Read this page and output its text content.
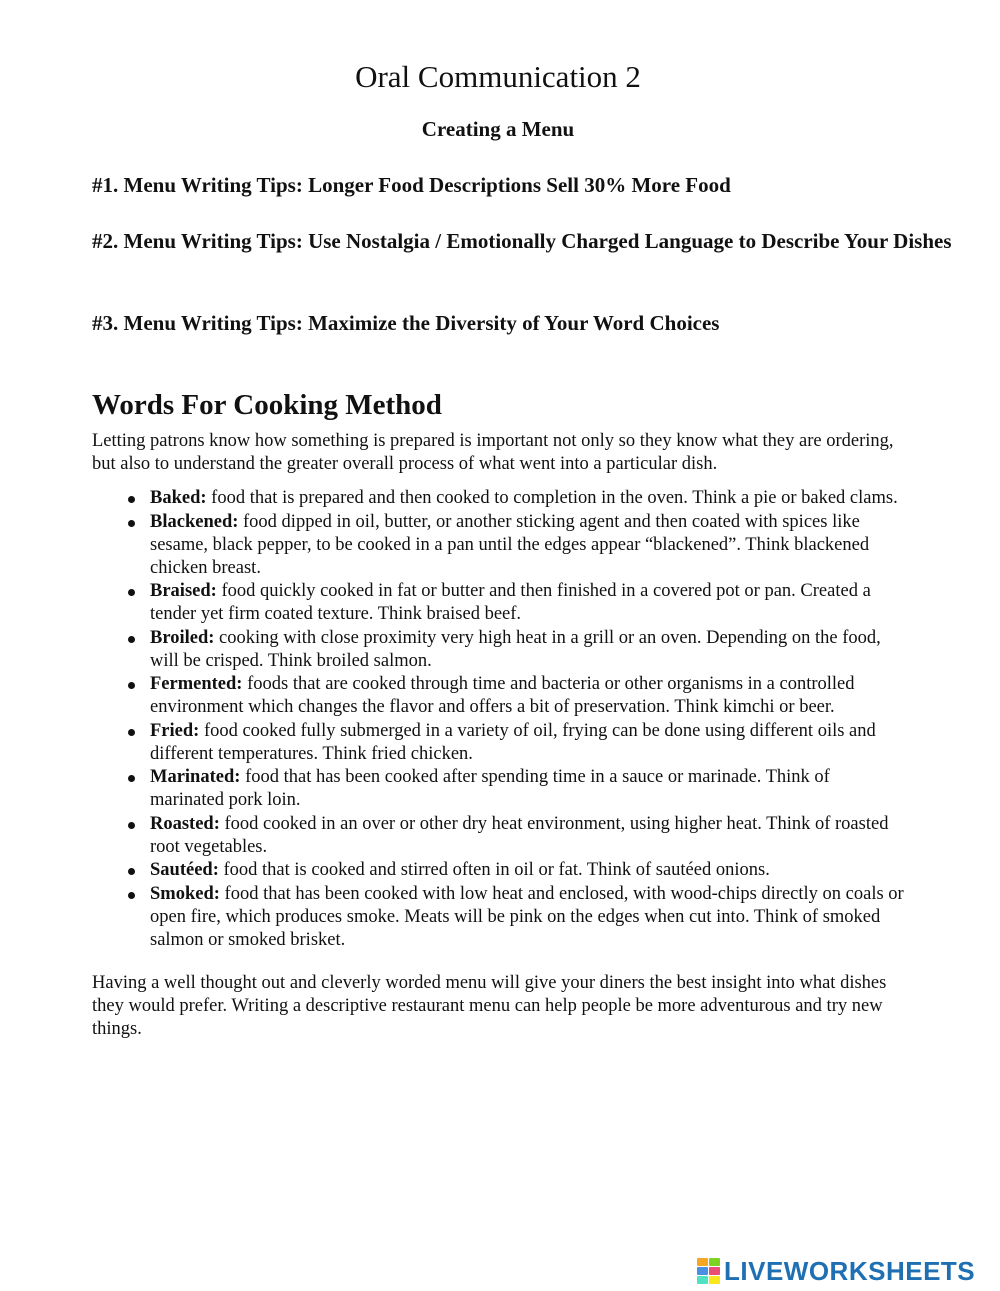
Oral Communication 2
Creating a Menu

#1. Menu Writing Tips: Longer Food Descriptions Sell 30% More Food

#2. Menu Writing Tips: Use Nostalgia / Emotionally Charged Language to Describe Your Dishes

#3. Menu Writing Tips: Maximize the Diversity of Your Word Choices

Words For Cooking Method

Letting patrons know how something is prepared is important not only so they know what they are ordering, but also to understand the greater overall process of what went into a particular dish.

Baked: food that is prepared and then cooked to completion in the oven. Think a pie or baked clams.
Blackened: food dipped in oil, butter, or another sticking agent and then coated with spices like sesame, black pepper, to be cooked in a pan until the edges appear “blackened”. Think blackened chicken breast.
Braised: food quickly cooked in fat or butter and then finished in a covered pot or pan. Created a tender yet firm coated texture. Think braised beef.
Broiled: cooking with close proximity very high heat in a grill or an oven. Depending on the food, will be crisped. Think broiled salmon.
Fermented: foods that are cooked through time and bacteria or other organisms in a controlled environment which changes the flavor and offers a bit of preservation. Think kimchi or beer.
Fried: food cooked fully submerged in a variety of oil, frying can be done using different oils and different temperatures. Think fried chicken.
Marinated: food that has been cooked after spending time in a sauce or marinade. Think of marinated pork loin.
Roasted: food cooked in an over or other dry heat environment, using higher heat. Think of roasted root vegetables.
Sautéed: food that is cooked and stirred often in oil or fat. Think of sautéed onions.
Smoked: food that has been cooked with low heat and enclosed, with wood-chips directly on coals or open fire, which produces smoke. Meats will be pink on the edges when cut into. Think of smoked salmon or smoked brisket.

Having a well thought out and cleverly worded menu will give your diners the best insight into what dishes they would prefer. Writing a descriptive restaurant menu can help people be more adventurous and try new things.

LIVEWORKSHEETS
